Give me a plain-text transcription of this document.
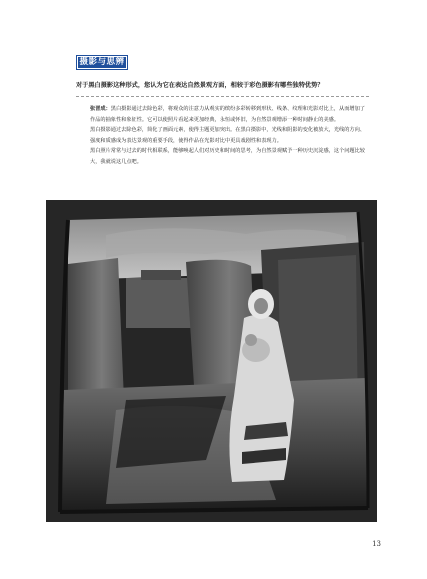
摄影与思辨
对于黑白摄影这种形式，您认为它在表达自然景观方面，相较于彩色摄影有哪些独特优势？

张晋成：黑白摄影通过去除色彩，将观众的注意力从观实的缤纷多彩转移到形状、线条、纹理和光影对比上，从而增加了作品的抽象性和象征性。它可以使照片看起来更加经典，永恒或怀旧，为自然景观增添一种时间静止的美感。

黑白摄影通过去除色彩，简化了画面元素，使得主题更加突出。在黑白摄影中，光线和阴影的变化被放大，光线的方向、强度和质感成为表达景观的重要手段，使得作品在光影对比中更具戏剧性和表现力。

黑白照片常常与过去的时代相联系，能够唤起人们对历史和时间的思考，为自然景观赋予一种历史沉淀感，这个问题比较大，我就说这几点吧。

13
